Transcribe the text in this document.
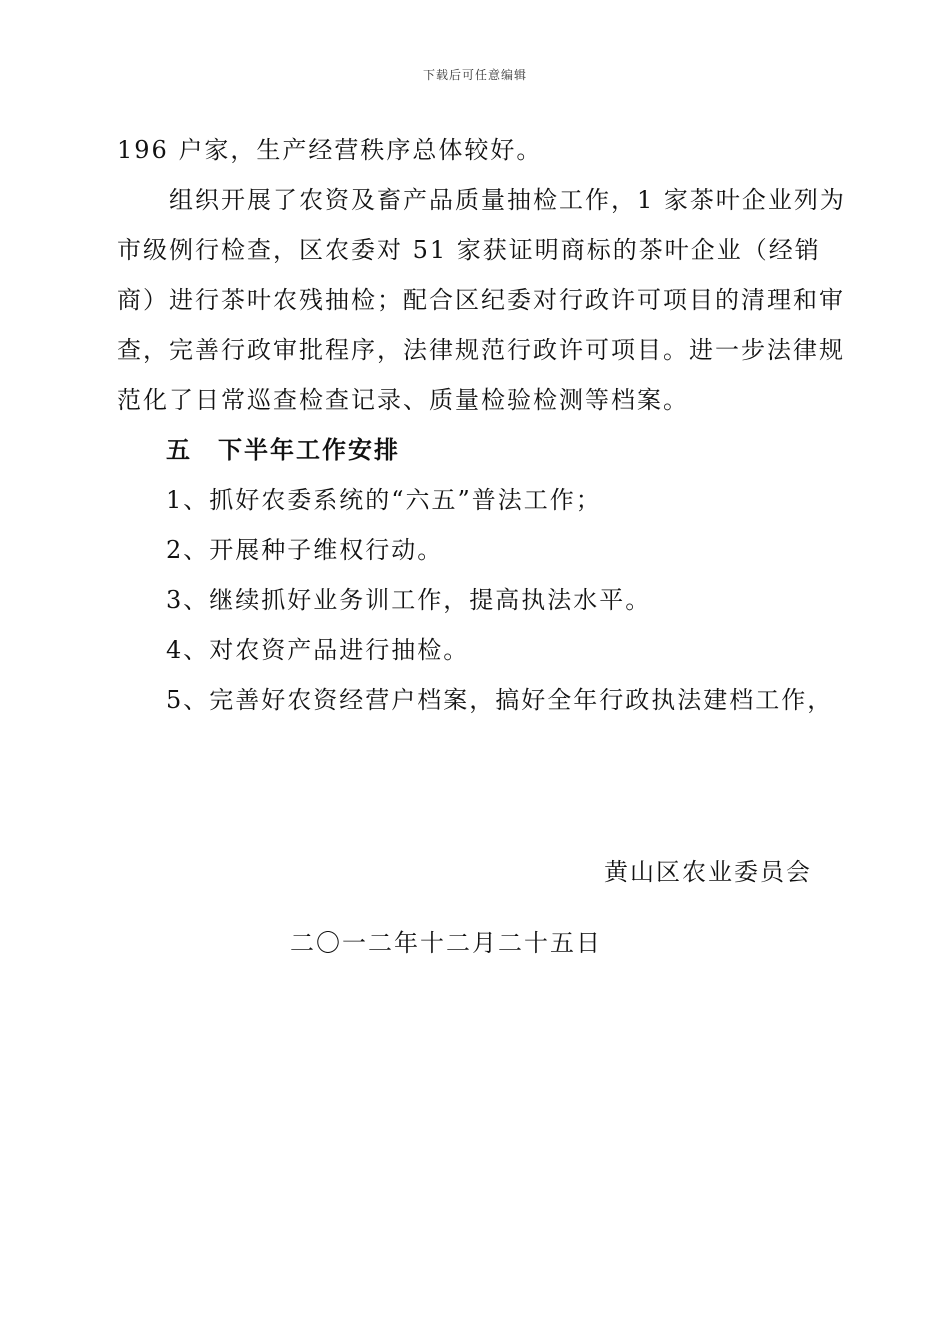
下载后可任意编辑
196 户家，生产经营秩序总体较好。
　　组织开展了农资及畜产品质量抽检工作，1 家茶叶企业列为
市级例行检查，区农委对 51 家获证明商标的茶叶企业（经销
商）进行茶叶农残抽检；配合区纪委对行政许可项目的清理和审
查，完善行政审批程序，法律规范行政许可项目。进一步法律规
范化了日常巡查检查记录、质量检验检测等档案。
五　下半年工作安排
1、抓好农委系统的“六五”普法工作；
2、开展种子维权行动。
3、继续抓好业务训工作，提高执法水平。
4、对农资产品进行抽检。
5、完善好农资经营户档案，搞好全年行政执法建档工作，
黄山区农业委员会
二〇一二年十二月二十五日
